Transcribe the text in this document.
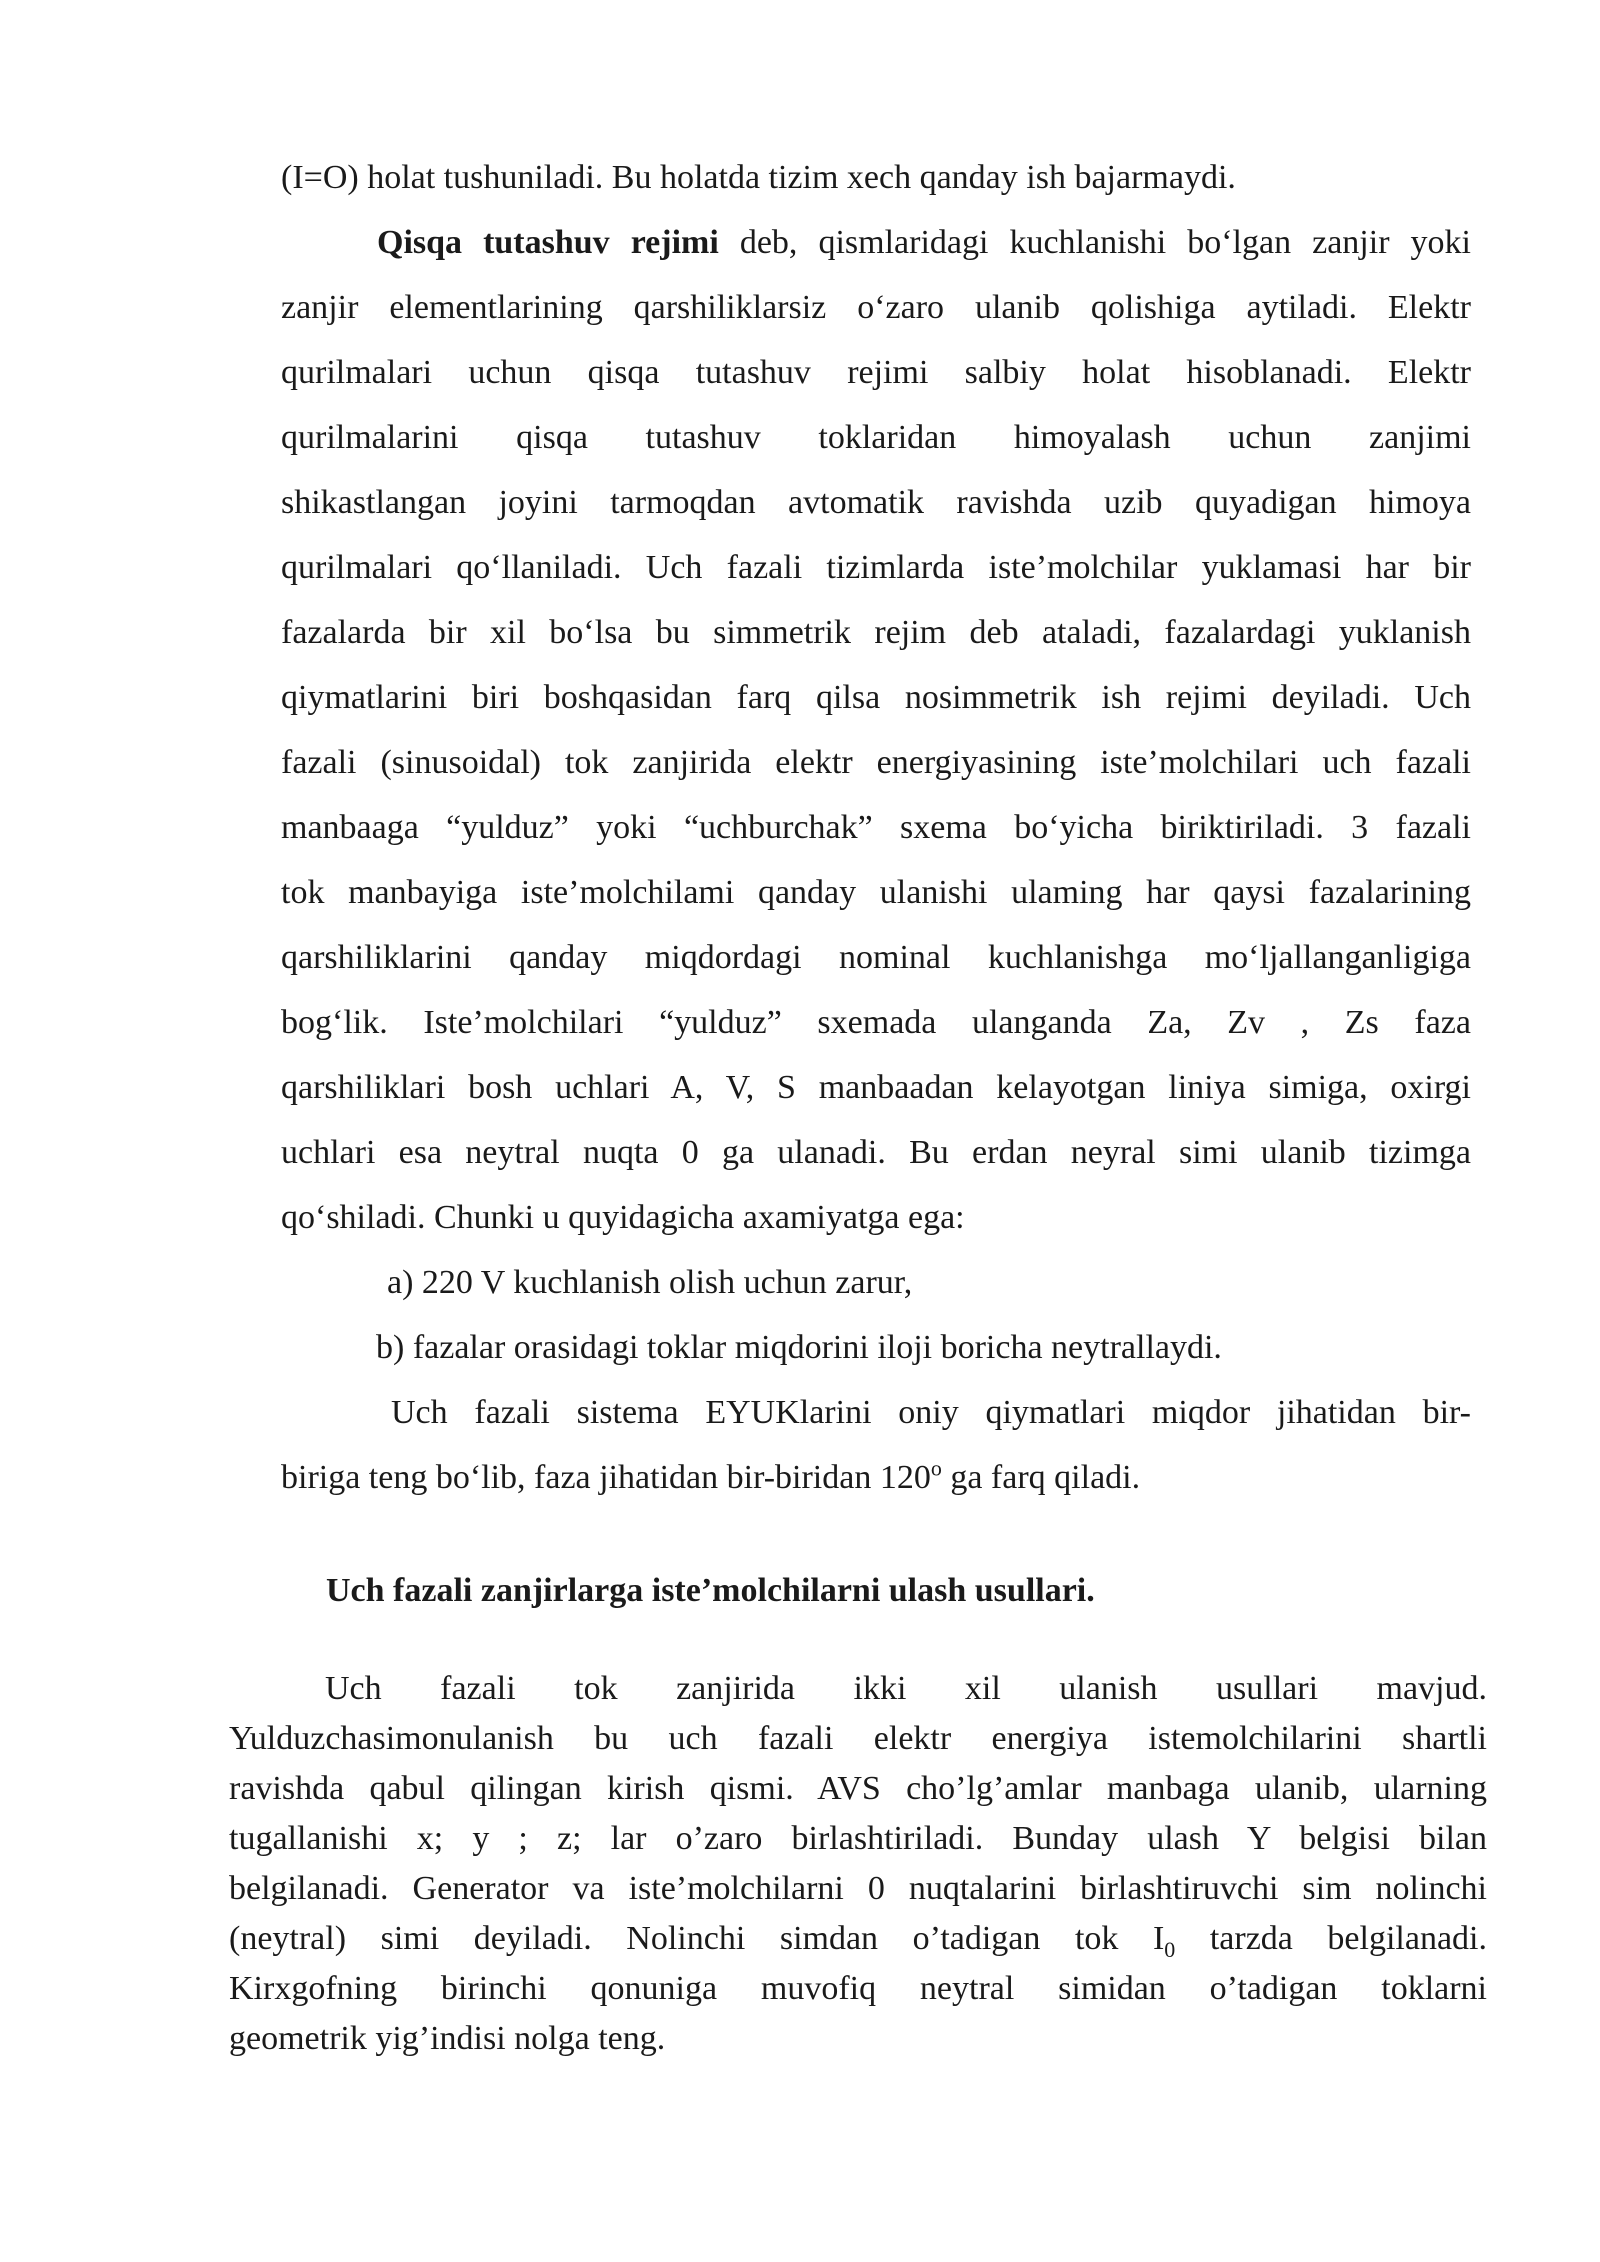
(I=O) holat tushuniladi. Bu holatda tizim xech qanday ish bajarmaydi.
Qisqa tutashuv rejimi deb, qismlaridagi kuchlanishi bo‘lgan zanjir yoki
zanjir elementlarining qarshiliklarsiz o‘zaro ulanib qolishiga aytiladi. Elektr
qurilmalari uchun qisqa tutashuv rejimi salbiy holat hisoblanadi. Elektr
qurilmalarini qisqa tutashuv toklaridan himoyalash uchun zanjimi
shikastlangan joyini tarmoqdan avtomatik ravishda uzib quyadigan himoya
qurilmalari qo‘llaniladi. Uch fazali tizimlarda iste’molchilar yuklamasi har bir
fazalarda bir xil bo‘lsa bu simmetrik rejim deb ataladi, fazalardagi yuklanish
qiymatlarini biri boshqasidan farq qilsa nosimmetrik ish rejimi deyiladi. Uch
fazali (sinusoidal) tok zanjirida elektr energiyasining iste’molchilari uch fazali
manbaaga “yulduz” yoki “uchburchak” sxema bo‘yicha biriktiriladi. 3 fazali
tok manbayiga iste’molchilami qanday ulanishi ulaming har qaysi fazalarining
qarshiliklarini qanday miqdordagi nominal kuchlanishga mo‘ljallanganligiga
bog‘lik. Iste’molchilari “yulduz” sxemada ulanganda Za, Zv , Zs faza
qarshiliklari bosh uchlari A, V, S manbaadan kelayotgan liniya simiga, oxirgi
uchlari esa neytral nuqta 0 ga ulanadi. Bu erdan neyral simi ulanib tizimga
qo‘shiladi. Chunki u quyidagicha axamiyatga ega:
a) 220 V kuchlanish olish uchun zarur,
b) fazalar orasidagi toklar miqdorini iloji boricha neytrallaydi.
Uch fazali sistema EYUKlarini oniy qiymatlari miqdor jihatidan bir-
biriga teng bo‘lib, faza jihatidan bir-biridan 120$^o$ ga farq qiladi.
Uch fazali zanjirlarga iste’molchilarni ulash usullari.
Uch fazali tok zanjirida ikki xil ulanish usullari mavjud.
Yulduzchasimonulanish bu uch fazali elektr energiya istemolchilarini shartli
ravishda qabul qilingan kirish qismi. AVS cho’lg’amlar manbaga ulanib, ularning
tugallanishi x; y ; z; lar o’zaro birlashtiriladi. Bunday ulash Y belgisi bilan
belgilanadi. Generator va iste’molchilarni 0 nuqtalarini birlashtiruvchi sim nolinchi
(neytral) simi deyiladi. Nolinchi simdan o’tadigan tok $I_0$ tarzda belgilanadi.
Kirxgofning birinchi qonuniga muvofiq neytral simidan o’tadigan toklarni
geometrik yig’indisi nolga teng.
